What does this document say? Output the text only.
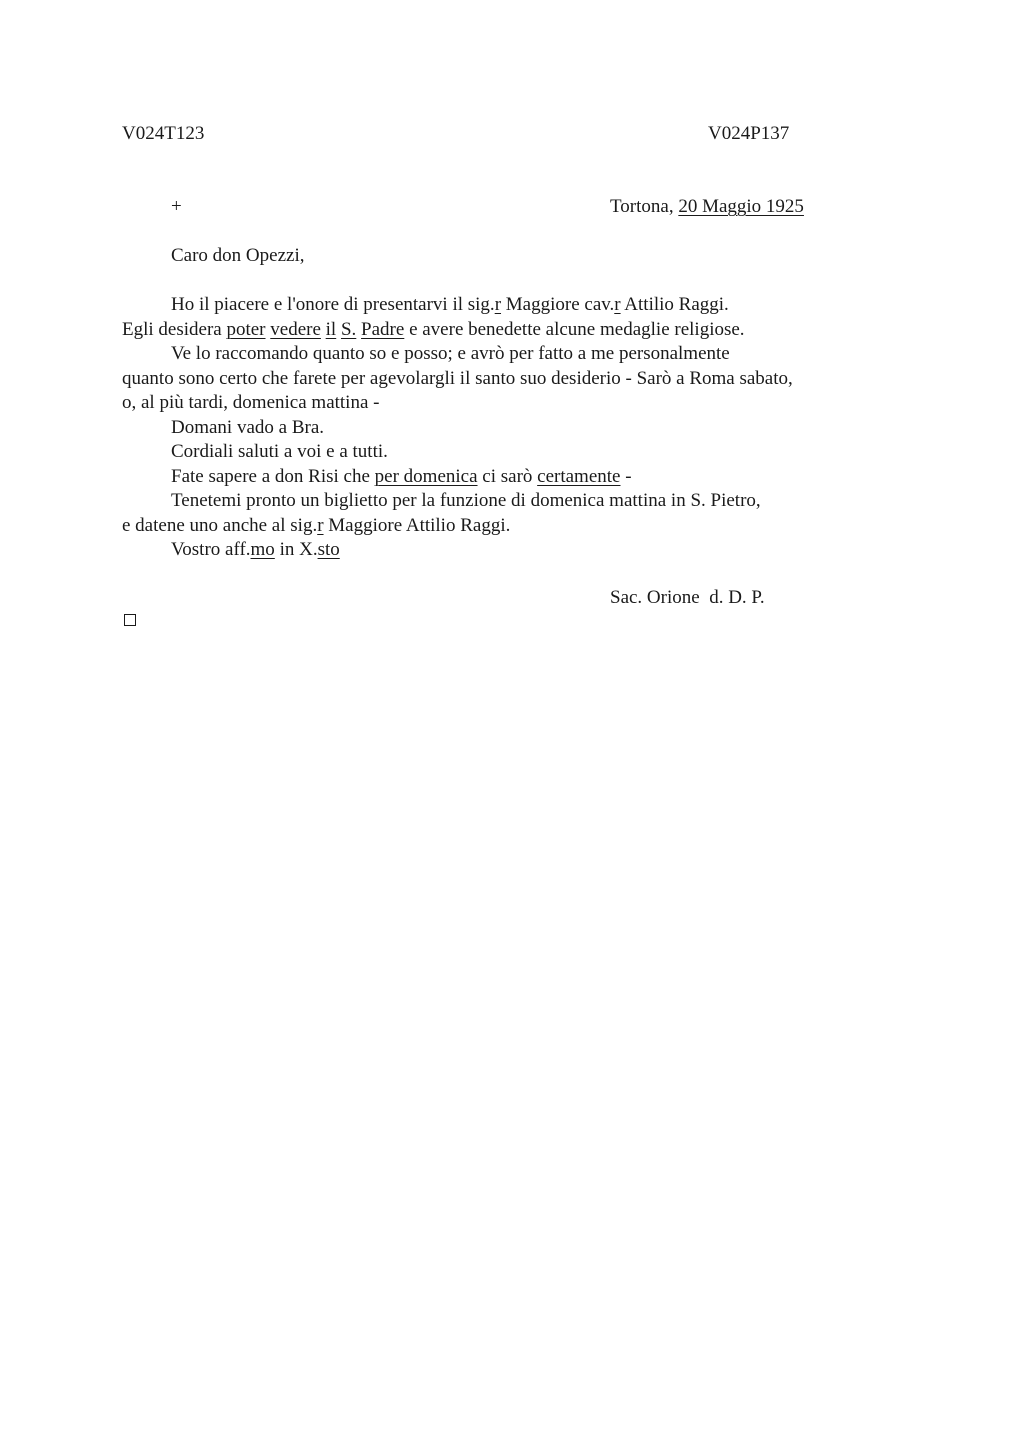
V024T123	V024P137
+	Tortona, 20 Maggio 1925
Caro don Opezzi,
Ho il piacere e l'onore di presentarvi il sig.r Maggiore cav.r Attilio Raggi.
Egli desidera poter vedere il S. Padre e avere benedette alcune medaglie religiose.
Ve lo raccomando quanto so e posso; e avrò per fatto a me personalmente
quanto sono certo che farete per agevolargli il santo suo desiderio - Sarò a Roma sabato,
o, al più tardi, domenica mattina -
Domani vado a Bra.
Cordiali saluti a voi e a tutti.
Fate sapere a don Risi che per domenica ci sarò certamente -
Tenetemi pronto un biglietto per la funzione di domenica mattina in S. Pietro,
e datene uno anche al sig.r Maggiore Attilio Raggi.
Vostro aff.mo in X.sto
Sac. Orione  d. D. P.
